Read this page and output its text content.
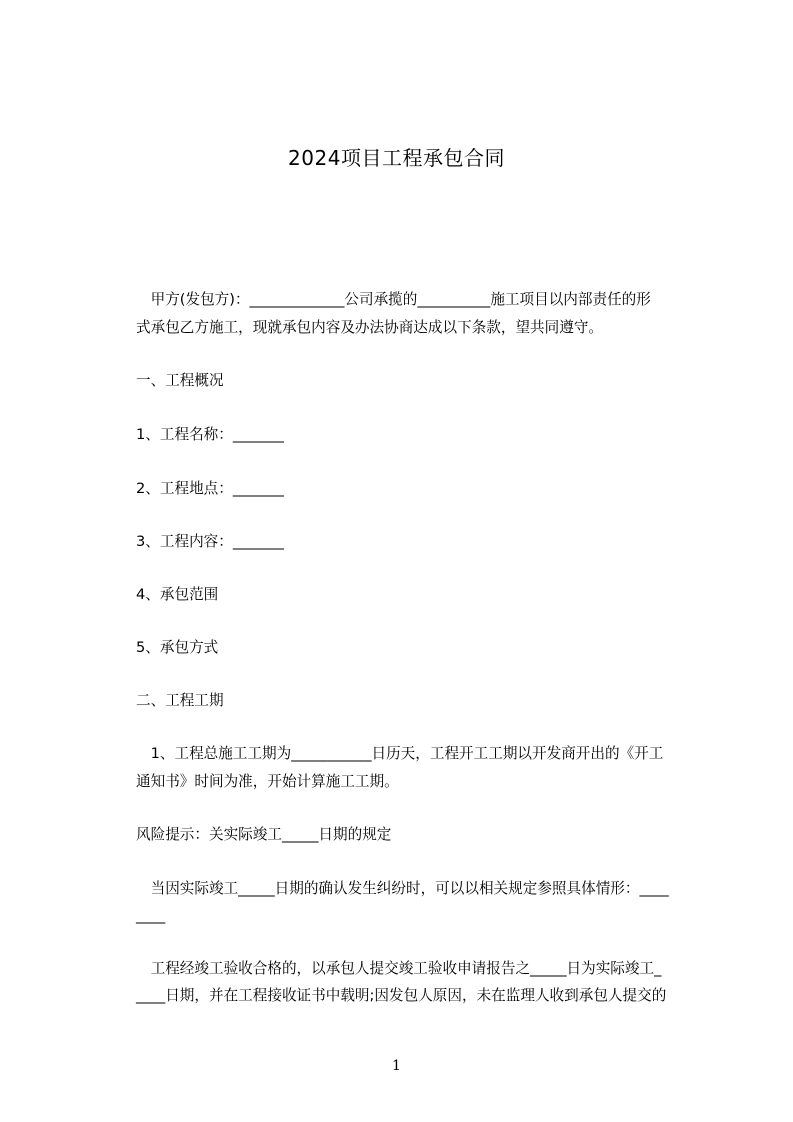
2024项目工程承包合同
　甲方(发包方)：_____________公司承揽的__________施工项目以内部责任的形
式承包乙方施工，现就承包内容及办法协商达成以下条款，望共同遵守。
一、工程概况
1、工程名称：_______
2、工程地点：_______
3、工程内容：_______
4、承包范围
5、承包方式
二、工程工期
　1、工程总施工工期为___________日历天，工程开工工期以开发商开出的《开工
通知书》时间为准，开始计算施工工期。
风险提示：关实际竣工_____日期的规定
　当因实际竣工_____日期的确认发生纠纷时，可以以相关规定参照具体情形：____
____
　工程经竣工验收合格的，以承包人提交竣工验收申请报告之_____日为实际竣工_
____日期，并在工程接收证书中载明;因发包人原因，未在监理人收到承包人提交的
1
